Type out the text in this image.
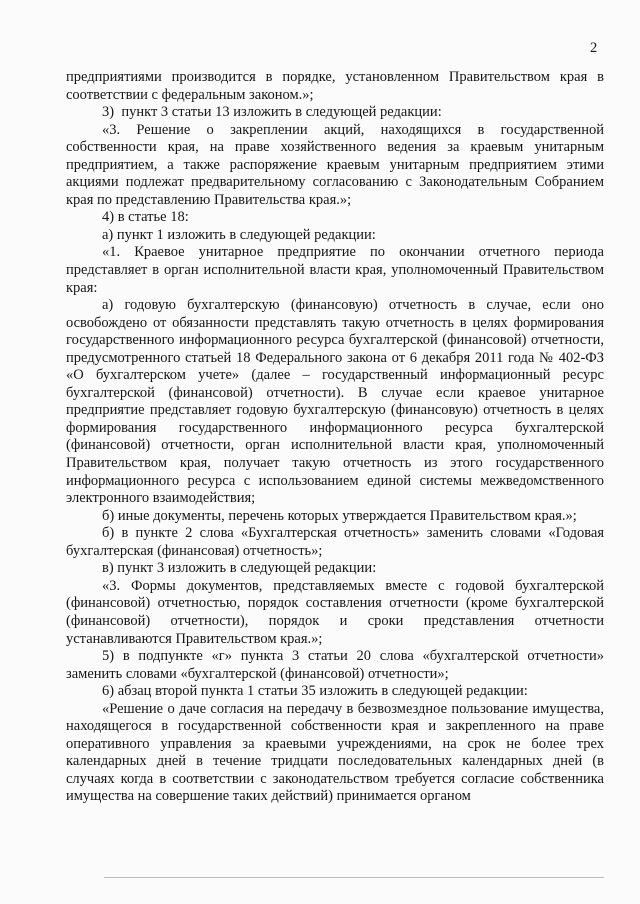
2

предприятиями производится в порядке, установленном Правительством края в соответствии с федеральным законом.»;

3)  пункт 3 статьи 13 изложить в следующей редакции:

«3. Решение о закреплении акций, находящихся в государственной собственности края, на праве хозяйственного ведения за краевым унитарным предприятием, а также распоряжение краевым унитарным предприятием этими акциями подлежат предварительному согласованию с Законодательным Собранием края по представлению Правительства края.»;

4) в статье 18:

а) пункт 1 изложить в следующей редакции:

«1. Краевое унитарное предприятие по окончании отчетного периода представляет в орган исполнительной власти края, уполномоченный Правительством края:

а) годовую бухгалтерскую (финансовую) отчетность в случае, если оно освобождено от обязанности представлять такую отчетность в целях формирования государственного информационного ресурса бухгалтерской (финансовой) отчетности, предусмотренного статьей 18 Федерального закона от 6 декабря 2011 года № 402-ФЗ «О бухгалтерском учете» (далее – государственный информационный ресурс бухгалтерской (финансовой) отчетности). В случае если краевое унитарное предприятие представляет годовую бухгалтерскую (финансовую) отчетность в целях формирования государственного информационного ресурса бухгалтерской (финансовой) отчетности, орган исполнительной власти края, уполномоченный Правительством края, получает такую отчетность из этого государственного информационного ресурса с использованием единой системы межведомственного электронного взаимодействия;

б) иные документы, перечень которых утверждается Правительством края.»;

б) в пункте 2 слова «Бухгалтерская отчетность» заменить словами «Годовая бухгалтерская (финансовая) отчетность»;

в) пункт 3 изложить в следующей редакции:

«3. Формы документов, представляемых вместе с годовой бухгалтерской (финансовой) отчетностью, порядок составления отчетности (кроме бухгалтерской (финансовой) отчетности), порядок и сроки представления отчетности устанавливаются Правительством края.»;

5) в подпункте «г» пункта 3 статьи 20 слова «бухгалтерской отчетности» заменить словами «бухгалтерской (финансовой) отчетности»;

6) абзац второй пункта 1 статьи 35 изложить в следующей редакции:

«Решение о даче согласия на передачу в безвозмездное пользование имущества, находящегося в государственной собственности края и закрепленного на праве оперативного управления за краевыми учреждениями, на срок не более трех календарных дней в течение тридцати последовательных календарных дней (в случаях когда в соответствии с законодательством требуется согласие собственника имущества на совершение таких действий) принимается органом
